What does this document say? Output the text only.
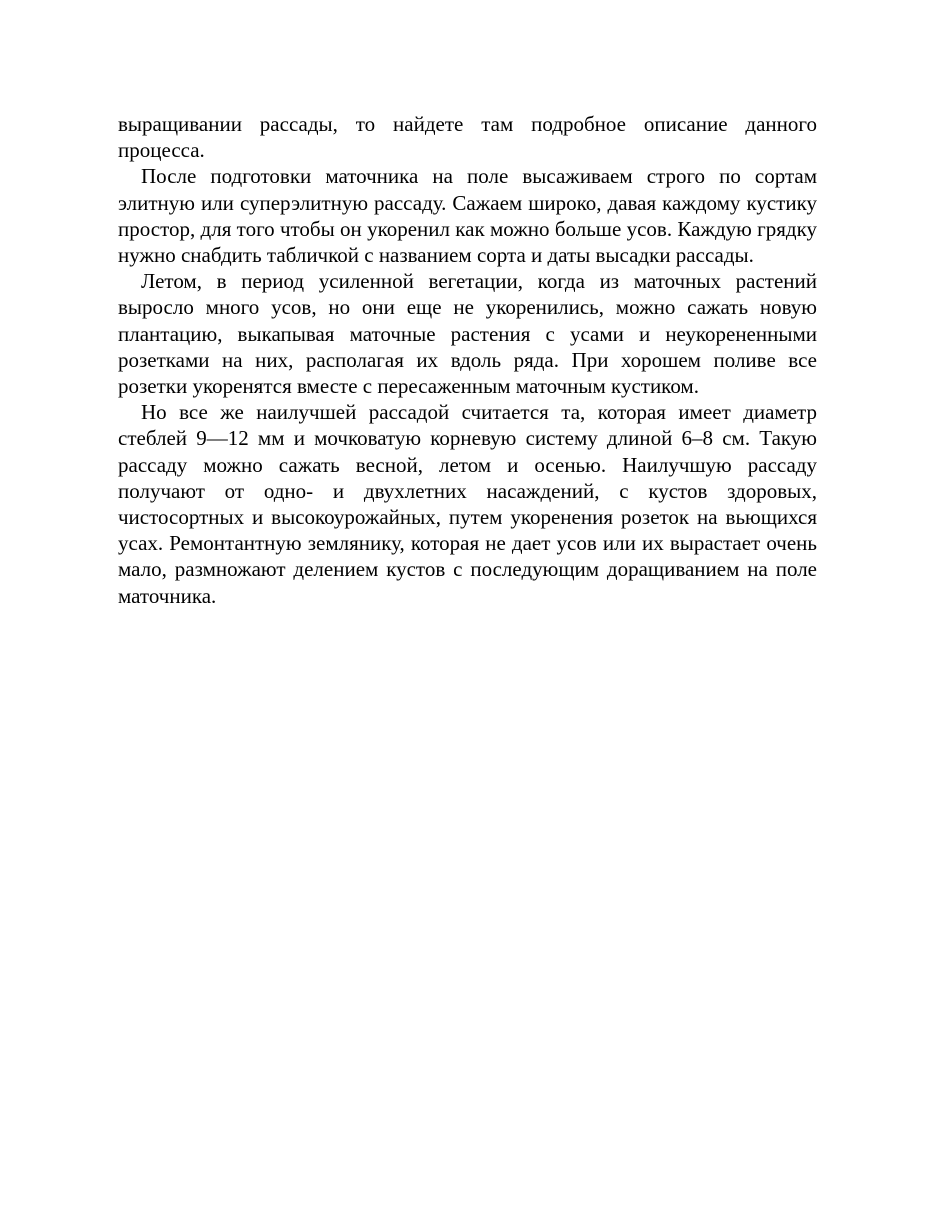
выращивании рассады, то найдете там подробное описание данного процесса.

После подготовки маточника на поле высаживаем строго по сортам элитную или суперэлитную рассаду. Сажаем широко, давая каждому кустику простор, для того чтобы он укоренил как можно больше усов. Каждую грядку нужно снабдить табличкой с названием сорта и даты высадки рассады.

Летом, в период усиленной вегетации, когда из маточных растений выросло много усов, но они еще не укоренились, можно сажать новую плантацию, выкапывая маточные растения с усами и неукорененными розетками на них, располагая их вдоль ряда. При хорошем поливе все розетки укоренятся вместе с пересаженным маточным кустиком.

Но все же наилучшей рассадой считается та, которая имеет диаметр стеблей 9—12 мм и мочковатую корневую систему длиной 6–8 см. Такую рассаду можно сажать весной, летом и осенью. Наилучшую рассаду получают от одно- и двухлетних насаждений, с кустов здоровых, чистосортных и высокоурожайных, путем укоренения розеток на вьющихся усах. Ремонтантную землянику, которая не дает усов или их вырастает очень мало, размножают делением кустов с последующим доращиванием на поле маточника.
